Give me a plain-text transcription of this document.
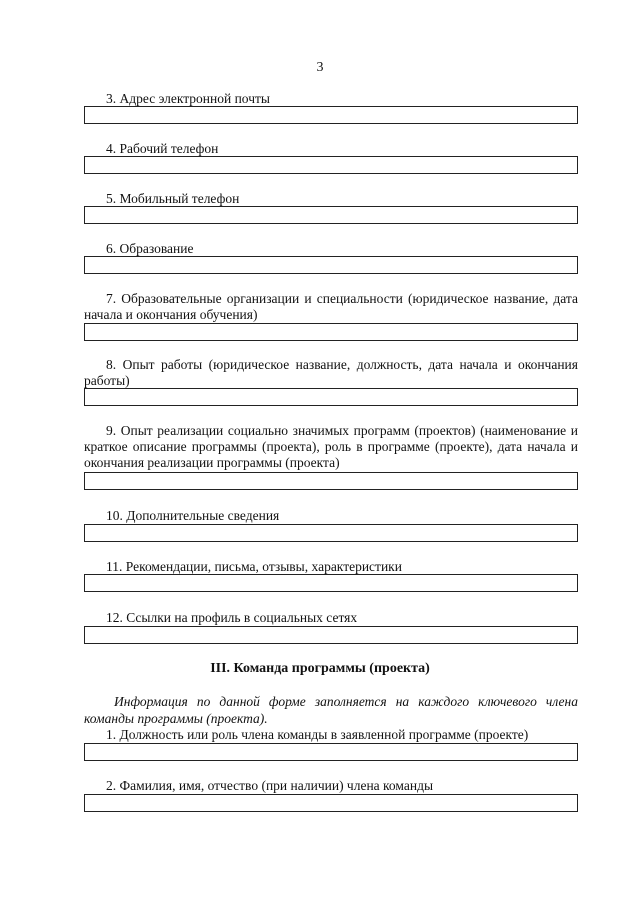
3
3. Адрес электронной почты
4. Рабочий телефон
5. Мобильный телефон
6. Образование
7. Образовательные организации и специальности (юридическое название, дата начала и окончания обучения)
8. Опыт работы (юридическое название, должность, дата начала и окончания работы)
9. Опыт реализации социально значимых программ (проектов) (наименование и краткое описание программы (проекта), роль в программе (проекте), дата начала и окончания реализации программы (проекта)
10. Дополнительные сведения
11. Рекомендации, письма, отзывы, характеристики
12. Ссылки на профиль в социальных сетях
III. Команда программы (проекта)
Информация по данной форме заполняется на каждого ключевого члена команды программы (проекта).
1. Должность или роль члена команды в заявленной программе (проекте)
2. Фамилия, имя, отчество (при наличии) члена команды
